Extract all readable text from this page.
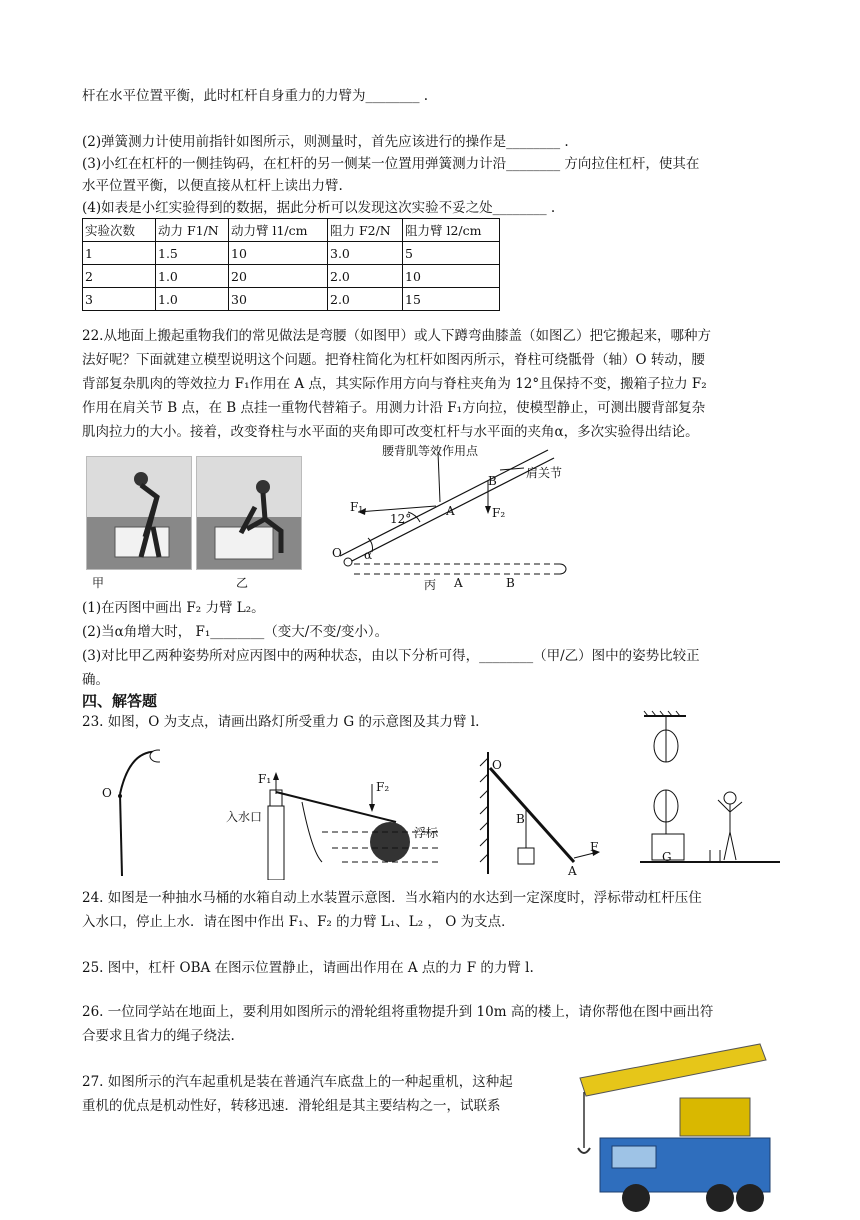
杆在水平位置平衡，此时杠杆自身重力的力臂为________ .
(2)弹簧测力计使用前指针如图所示，则测量时，首先应该进行的操作是________ .
(3)小红在杠杆的一侧挂钩码，在杠杆的另一侧某一位置用弹簧测力计沿________ 方向拉住杠杆，使其在
水平位置平衡，以便直接从杠杆上读出力臂.
(4)如表是小红实验得到的数据，据此分析可以发现这次实验不妥之处________ .
实验次数	动力 F1/N	动力臂 l1/cm	阻力 F2/N	阻力臂 l2/cm
1	1.5	10	3.0	5
2	1.0	20	2.0	10
3	1.0	30	2.0	15
22.从地面上搬起重物我们的常见做法是弯腰（如图甲）或人下蹲弯曲膝盖（如图乙）把它搬起来，哪种方
法好呢？下面就建立模型说明这个问题。把脊柱简化为杠杆如图丙所示，脊柱可绕骶骨（轴）O 转动，腰
背部复杂肌肉的等效拉力 F₁作用在 A 点，其实际作用方向与脊柱夹角为 12°且保持不变，搬箱子拉力 F₂
作用在肩关节 B 点，在 B 点挂一重物代替箱子。用测力计沿 F₁方向拉，使模型静止，可测出腰背部复杂
肌肉拉力的大小。接着，改变脊柱与水平面的夹角即可改变杠杆与水平面的夹角α，多次实验得出结论。
甲	乙
腰背肌等效作用点
肩关节
12°
F₁	F₂
O
A
B
α
A	B
丙
(1)在丙图中画出 F₂ 力臂 L₂。
(2)当α角增大时， F₁________（变大/不变/变小）。
(3)对比甲乙两种姿势所对应丙图中的两种状态，由以下分析可得，________（甲/乙）图中的姿势比较正
确。
四、解答题
23. 如图，O 为支点，请画出路灯所受重力 G 的示意图及其力臂 l.
O
入水口
F₁
F₂
浮标
O
B
A
F
G
24. 如图是一种抽水马桶的水箱自动上水装置示意图．当水箱内的水达到一定深度时，浮标带动杠杆压住
入水口，停止上水．请在图中作出 F₁、F₂ 的力臂 L₁、L₂ ， O 为支点．
25. 图中，杠杆 OBA 在图示位置静止，请画出作用在 A 点的力 F 的力臂 l.
26. 一位同学站在地面上，要利用如图所示的滑轮组将重物提升到 10m 高的楼上，请你帮他在图中画出符
合要求且省力的绳子绕法.
27. 如图所示的汽车起重机是装在普通汽车底盘上的一种起重机，这种起
重机的优点是机动性好，转移迅速．滑轮组是其主要结构之一，试联系
